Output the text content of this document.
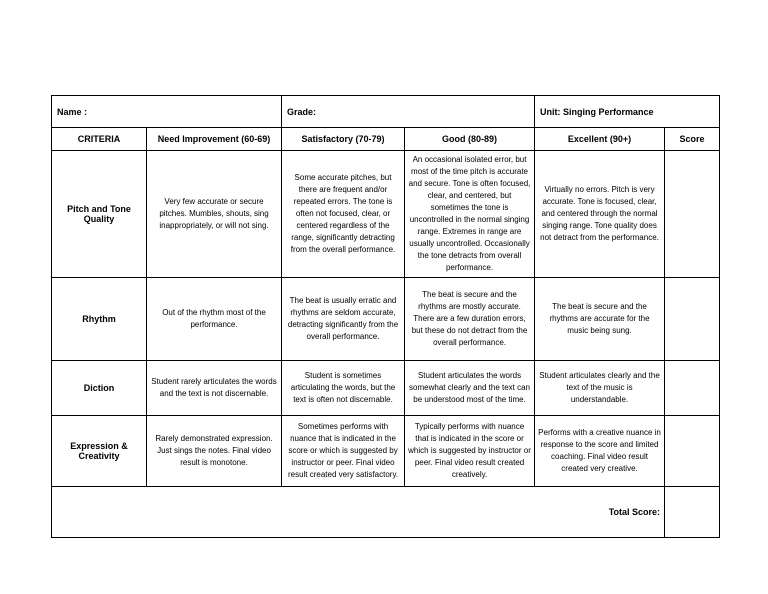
Name :		Grade:		Unit: Singing Performance	
CRITERIA	Need Improvement (60-69)	Satisfactory (70-79)	Good (80-89)	Excellent (90+)	Score
Pitch and Tone Quality	Very few accurate or secure pitches. Mumbles, shouts, sing inappropriately, or will not sing.	Some accurate pitches, but there are frequent and/or repeated errors. The tone is often not focused, clear, or centered regardless of the range, significantly detracting from the overall performance.	An occasional isolated error, but most of the time pitch is accurate and secure. Tone is often focused, clear, and centered, but sometimes the tone is uncontrolled in the normal singing range. Extremes in range are usually uncontrolled. Occasionally the tone detracts from overall performance.	Virtually no errors. Pitch is very accurate. Tone is focused, clear, and centered through the normal singing range. Tone quality does not detract from the performance.	
Rhythm	Out of the rhythm most of the performance.	The beat is usually erratic and rhythms are seldom accurate, detracting significantly from the overall performance.	The beat is secure and the rhythms are mostly accurate. There are a few duration errors, but these do not detract from the overall performance.	The beat is secure and the rhythms are accurate for the music being sung.	
Diction	Student rarely articulates the words and the text is not discernable.	Student is sometimes articulating the words, but the text is often not discernable.	Student articulates the words somewhat clearly and the text can be understood most of the time.	Student articulates clearly and the text of the music is understandable.	
Expression & Creativity	Rarely demonstrated expression. Just sings the notes. Final video result is monotone.	Sometimes performs with nuance that is indicated in the score or which is suggested by instructor or peer. Final video result created very satisfactory.	Typically performs with nuance that is indicated in the score or which is suggested by instructor or peer. Final video result created creatively.	Performs with a creative nuance in response to the score and limited coaching. Final video result created very creative.	
Total Score:					
